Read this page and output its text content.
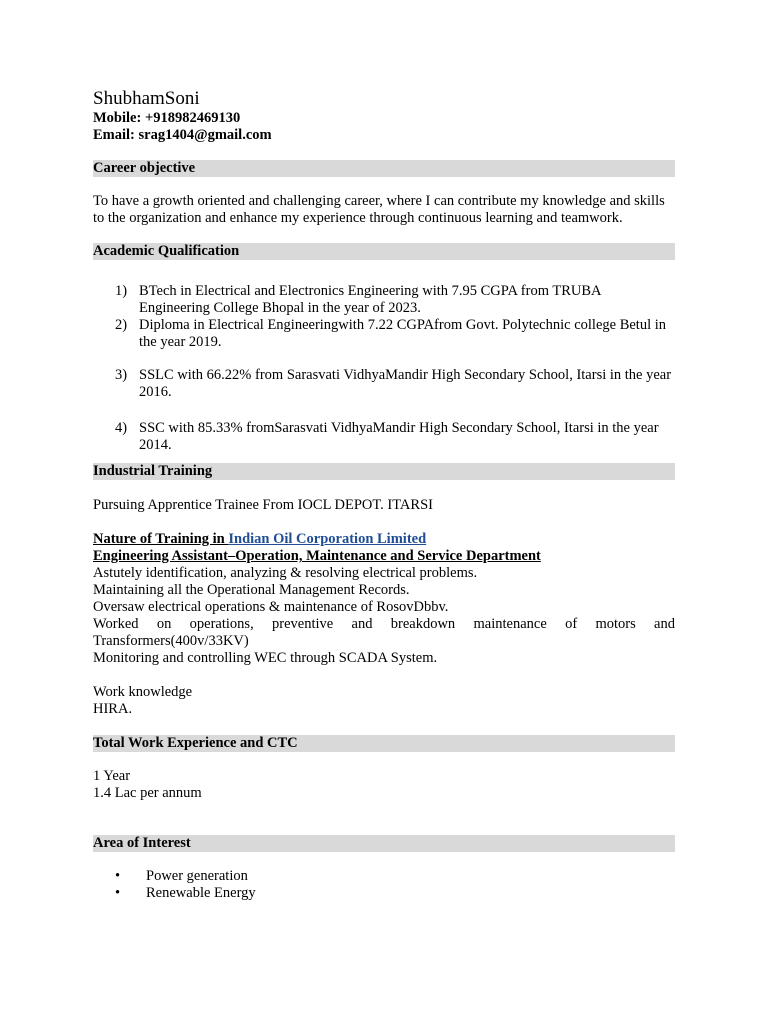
ShubhamSoni
Mobile: +918982469130
Email: srag1404@gmail.com
Career objective
To have a growth oriented and challenging career, where I can contribute my knowledge and skills to the organization and enhance my experience through continuous learning and teamwork.
Academic Qualification
1) BTech in Electrical and Electronics Engineering with 7.95 CGPA from TRUBA Engineering College Bhopal in the year of 2023.
2) Diploma in Electrical Engineeringwith 7.22 CGPAfrom Govt. Polytechnic college Betul in the year 2019.
3) SSLC with 66.22% from Sarasvati VidhyaMandir High Secondary School, Itarsi in the year 2016.
4) SSC with 85.33% fromSarasvati VidhyaMandir High Secondary School, Itarsi in the year 2014.
Industrial Training
Pursuing Apprentice Trainee From IOCL DEPOT. ITARSI
Nature of Training in Indian Oil Corporation Limited
Engineering Assistant–Operation, Maintenance and Service Department
Astutely identification, analyzing & resolving electrical problems.
Maintaining all the Operational Management Records.
Oversaw electrical operations & maintenance of RosovDbbv.
Worked on operations, preventive and breakdown maintenance of motors and Transformers(400v/33KV)
Monitoring and controlling WEC through SCADA System.
Work knowledge
HIRA.
Total Work Experience and CTC
1 Year
1.4 Lac per annum
Area of Interest
• Power generation
• Renewable Energy
